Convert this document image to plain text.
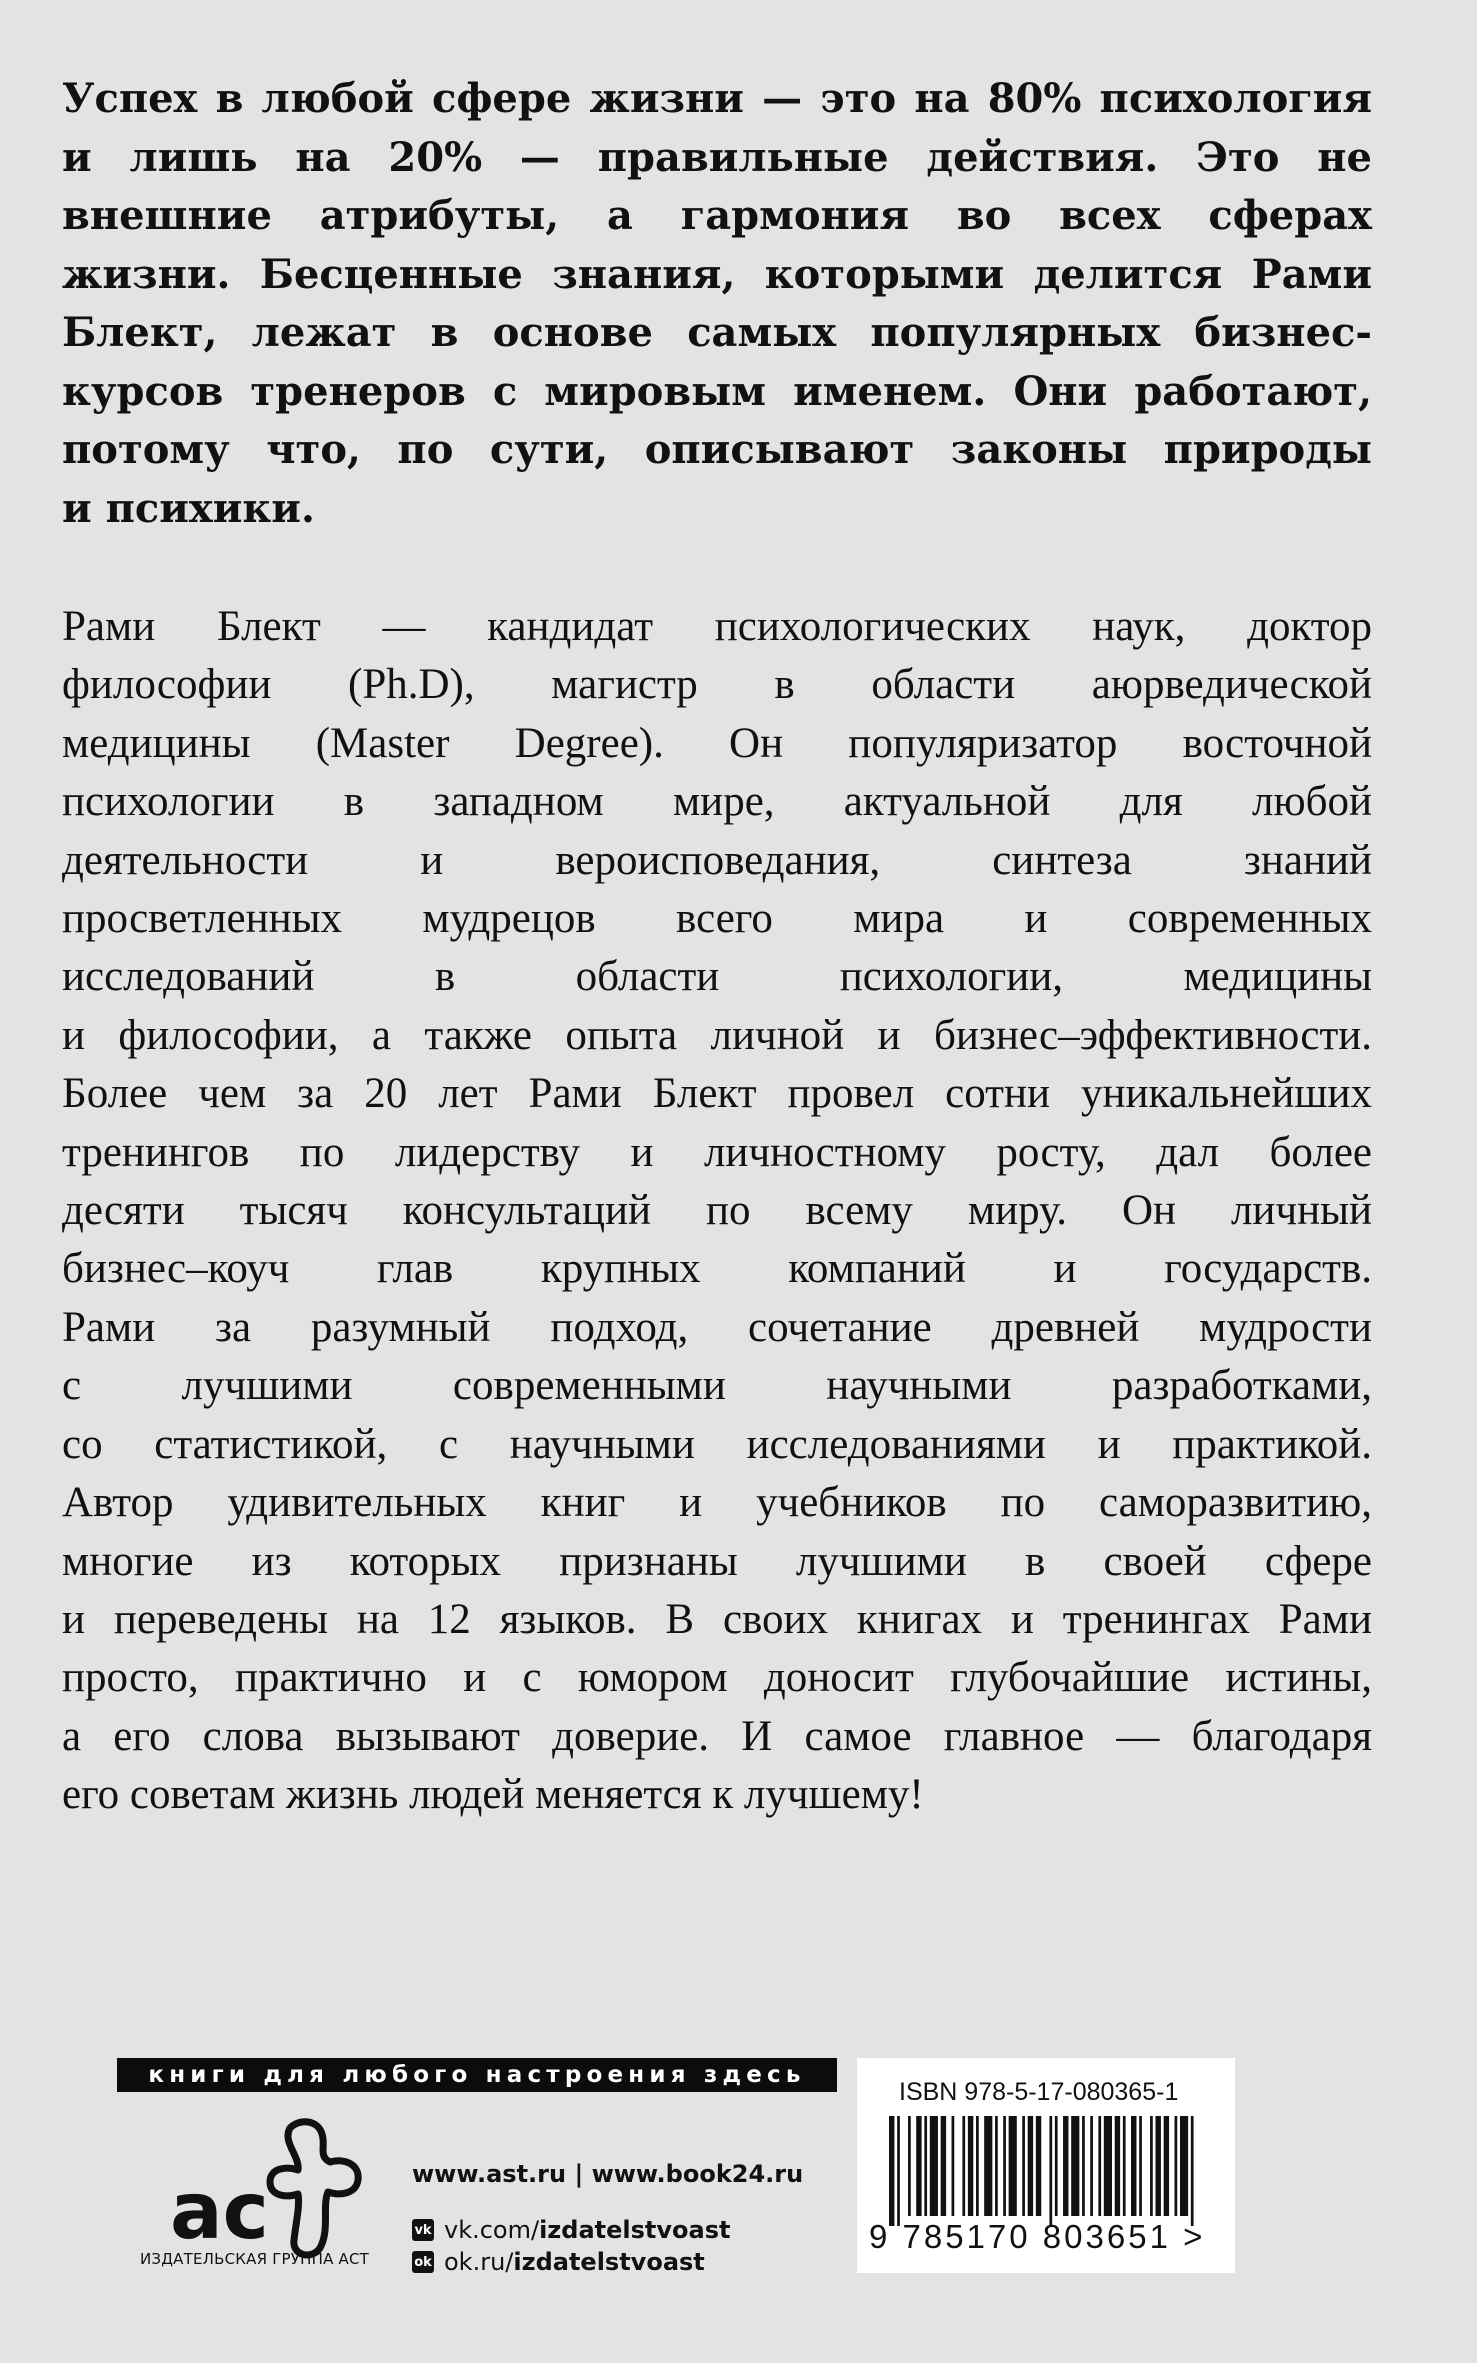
Успех в любой сфере жизни — это на 80% психология
и лишь на 20% — правильные действия. Это не
внешние атрибуты, а гармония во всех сферах
жизни. Бесценные знания, которыми делится Рами
Блект, лежат в основе самых популярных бизнес-
курсов тренеров с мировым именем. Они работают,
потому что, по сути, описывают законы природы
и психики.
Рами Блект — кандидат психологических наук, доктор
философии (Ph.D), магистр в области аюрведической
медицины (Master Degree). Он популяризатор восточной
психологии в западном мире, актуальной для любой
деятельности и вероисповедания, синтеза знаний
просветленных мудрецов всего мира и современных
исследований в области психологии, медицины
и философии, а также опыта личной и бизнес–эффективности.
Более чем за 20 лет Рами Блект провел сотни уникальнейших
тренингов по лидерству и личностному росту, дал более
десяти тысяч консультаций по всему миру. Он личный
бизнес–коуч глав крупных компаний и государств.
Рами за разумный подход, сочетание древней мудрости
с лучшими современными научными разработками,
со статистикой, с научными исследованиями и практикой.
Автор удивительных книг и учебников по саморазвитию,
многие из которых признаны лучшими в своей сфере
и переведены на 12 языков. В своих книгах и тренингах Рами
просто, практично и с юмором доносит глубочайшие истины,
а его слова вызывают доверие. И самое главное — благодаря
его советам жизнь людей меняется к лучшему!
книги для любого настроения здесь
ас
ИЗДАТЕЛЬСКАЯ ГРУППА АСТ
www.ast.ru | www.book24.ru
vk vk.com/ izdatelstvoast
ok ok.ru/ izdatelstvoast
ISBN 978-5-17-080365-1
9 785170 803651 >
